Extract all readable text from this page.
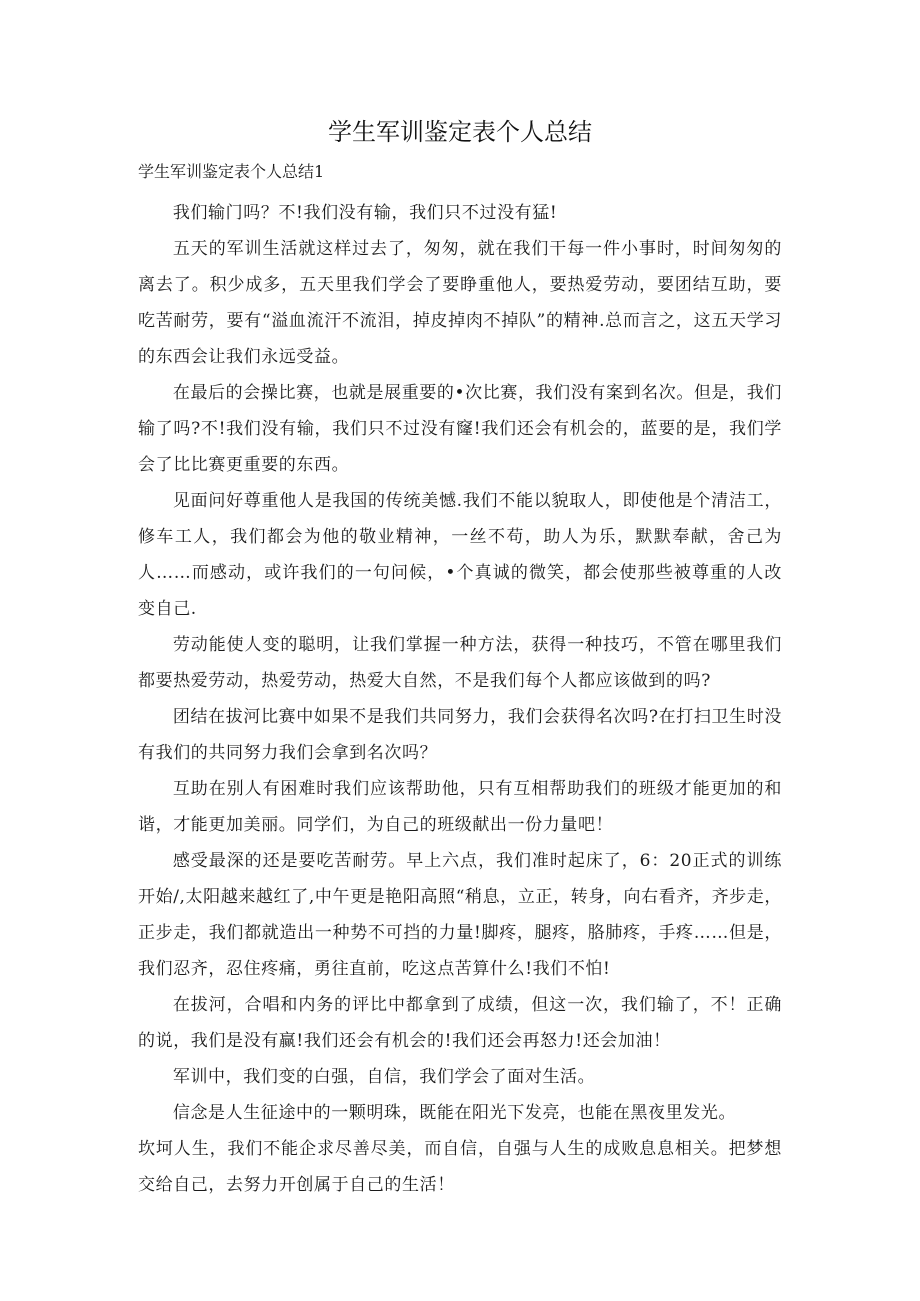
学生军训鉴定表个人总结

学生军训鉴定表个人总结1

我们输门吗？不!我们没有输，我们只不过没有猛!

五天的军训生活就这样过去了，匆匆，就在我们干每一件小事时，时间匆匆的离去了。积少成多，五天里我们学会了要睁重他人，要热爱劳动，要团结互助，要吃苦耐劳，要有“溢血流汗不流泪，掉皮掉肉不掉队”的精神.总而言之，这五天学习的东西会让我们永远受益。

在最后的会操比赛，也就是展重要的•次比赛，我们没有案到名次。但是，我们输了吗?不!我们没有输，我们只不过没有窿!我们还会有机会的，蓝要的是，我们学会了比比赛更重要的东西。

见面问好尊重他人是我国的传统美憾.我们不能以貌取人，即使他是个清洁工，修车工人，我们都会为他的敬业精神，一丝不苟，助人为乐，默默奉献，舍己为人……而感动，或许我们的一句问候，•个真诚的微笑，都会使那些被尊重的人改变自己.

劳动能使人变的聪明，让我们掌握一种方法，获得一种技巧，不管在哪里我们都要热爱劳动，热爱劳动，热爱大自然，不是我们每个人都应该做到的吗?

团结在拔河比赛中如果不是我们共同努力，我们会获得名次吗?在打扫卫生时没有我们的共同努力我们会拿到名次吗？

互助在别人有困难时我们应该帮助他，只有互相帮助我们的班级才能更加的和谐，才能更加美丽。同学们，为自己的班级献出一份力量吧！

感受最深的还是要吃苦耐劳。早上六点，我们准时起床了，6：20正式的训练开始/,太阳越来越红了,中午更是艳阳高照“稍息，立正，转身，向右看齐，齐步走，正步走，我们都就造出一种势不可挡的力量!脚疼，腿疼，胳肺疼，手疼……但是，我们忍齐，忍住疼痛，勇往直前，吃这点苦算什么!我们不怕!

在拔河，合唱和内务的评比中都拿到了成绩，但这一次，我们输了，不！正确的说，我们是没有赢!我们还会有机会的!我们还会再怒力!还会加油！

军训中，我们变的白强，自信，我们学会了面对生活。

信念是人生征途中的一颗明珠，既能在阳光下发亮，也能在黑夜里发光。

坎坷人生，我们不能企求尽善尽美，而自信，自强与人生的成败息息相关。把梦想交给自己，去努力开创属于自己的生活！
